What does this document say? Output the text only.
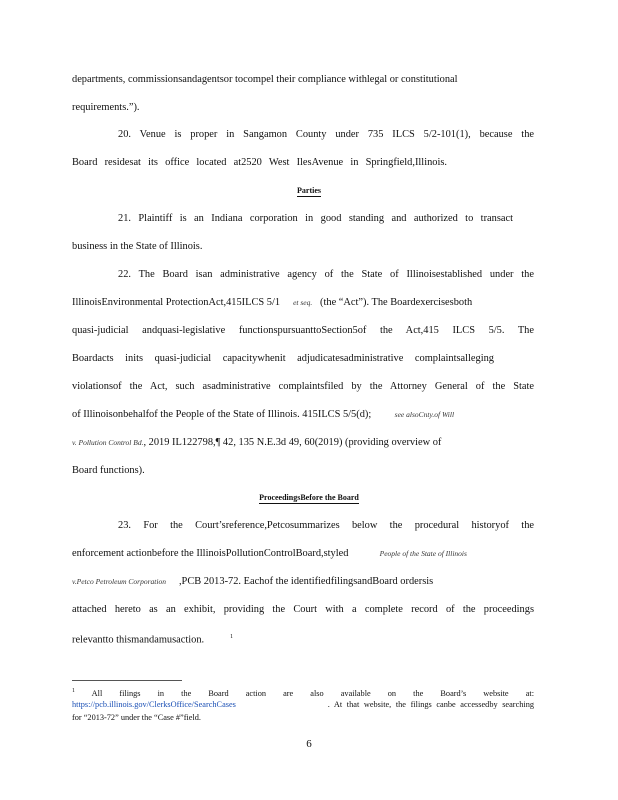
departments, commissionsandagentsor tocompel their compliance withlegal or constitutional
requirements.”).
20. Venue is proper in Sangamon County under 735 ILCS 5/2-101(1), because the
Board residesat its office located at2520 West IlesAvenue in Springfield,Illinois.
Parties
21. Plaintiff is an Indiana corporation in good standing and authorized to transact
business in the State of Illinois.
22. The Board isan administrative agency of the State of Illinoisestablished under the
IllinoisEnvironmental ProtectionAct,415ILCS 5/1 et seq. (the “Act”). The Boardexercisesboth
quasi-judicial andquasi-legislative functionspursuanttoSection5of the Act,415 ILCS 5/5. The
Boardacts inits quasi-judicial capacitywhenit adjudicatesadministrative complaintsalleging
violationsof the Act, such asadministrative complaintsfiled by the Attorney General of the State
of Illinoisonbehalfof the People of the State of Illinois. 415ILCS 5/5(d);	see alsoCnty.of Will
v. Pollution Control Bd., 2019 IL122798,¶ 42, 135 N.E.3d 49, 60(2019) (providing overview of
Board functions).
ProceedingsBefore the Board
23. For the Court’sreference,Petcosummarizes below the procedural historyof the
enforcement actionbefore the IllinoisPollutionControlBoard,styled	People of the State of Illinois
v.Petco Petroleum Corporation ,PCB 2013-72. Eachof the identifiedfilingsandBoard ordersis
attached hereto as an exhibit, providing the Court with a complete record of the proceedings
relevantto thismandamusaction.	$^1$
$^1$ All filings in the Board action are also available on the Board’s website at:
https://pcb.illinois.gov/ClerksOffice/SearchCases	. At that website, the filings canbe accessedby searching
for “2013-72” under the “Case #”field.
6
